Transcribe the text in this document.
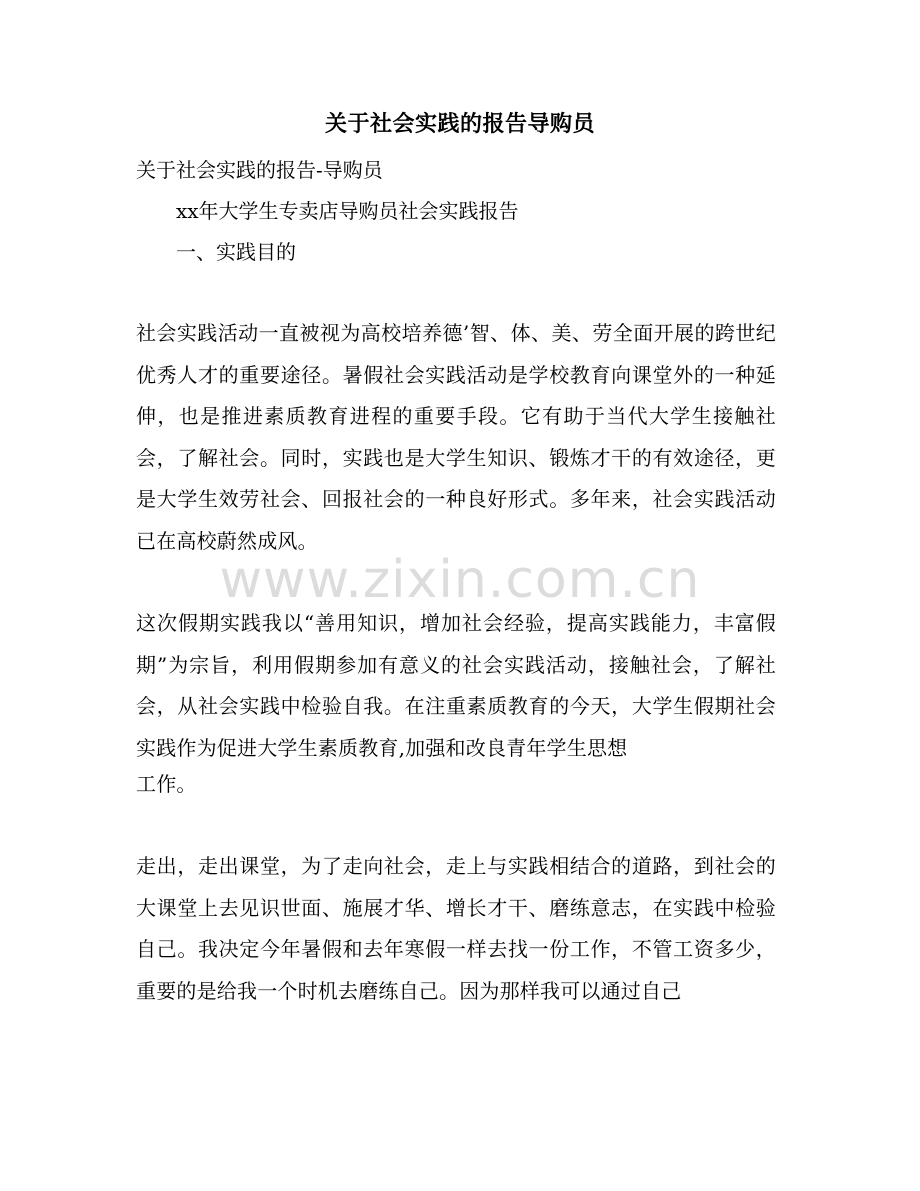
关于社会实践的报告导购员
关于社会实践的报告-导购员
xx年大学生专卖店导购员社会实践报告
一、实践目的
社会实践活动一直被视为高校培养德’智、体、美、劳全面开展的跨世纪优秀人才的重要途径。暑假社会实践活动是学校教育向课堂外的一种延伸，也是推进素质教育进程的重要手段。它有助于当代大学生接触社会，了解社会。同时，实践也是大学生知识、锻炼才干的有效途径，更是大学生效劳社会、回报社会的一种良好形式。多年来，社会实践活动已在高校蔚然成风。
这次假期实践我以“善用知识，增加社会经验，提高实践能力，丰富假期”为宗旨，利用假期参加有意义的社会实践活动，接触社会，了解社会，从社会实践中检验自我。在注重素质教育的今天，大学生假期社会实践作为促进大学生素质教育,加强和改良青年学生思想
工作。
走出，走出课堂，为了走向社会，走上与实践相结合的道路，到社会的大课堂上去见识世面、施展才华、增长才干、磨练意志，在实践中检验自己。我决定今年暑假和去年寒假一样去找一份工作，不管工资多少，重要的是给我一个时机去磨练自己。因为那样我可以通过自己
www.zixin.com.cn
